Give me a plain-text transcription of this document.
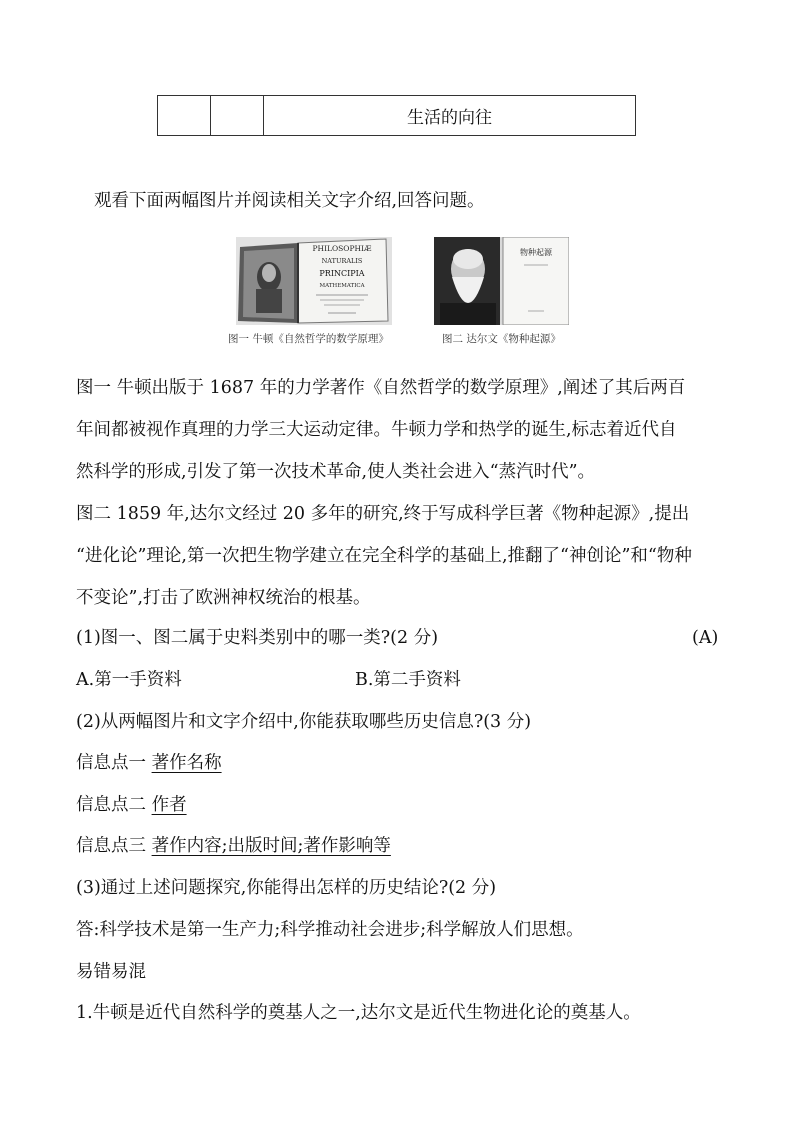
		生活的向往
观看下面两幅图片并阅读相关文字介绍,回答问题。
PHILOSOPHIÆ
NATURALIS
PRINCIPIA
MATHEMATICA
图一 牛顿《自然哲学的数学原理》
物种起源
图二 达尔文《物种起源》
图一 牛顿出版于 1687 年的力学著作《自然哲学的数学原理》,阐述了其后两百
年间都被视作真理的力学三大运动定律。牛顿力学和热学的诞生,标志着近代自
然科学的形成,引发了第一次技术革命,使人类社会进入“蒸汽时代”。
图二 1859 年,达尔文经过 20 多年的研究,终于写成科学巨著《物种起源》,提出
“进化论”理论,第一次把生物学建立在完全科学的基础上,推翻了“神创论”和“物种
不变论”,打击了欧洲神权统治的根基。
(1)图一、图二属于史料类别中的哪一类?(2 分)	(A)
A.第一手资料	B.第二手资料
(2)从两幅图片和文字介绍中,你能获取哪些历史信息?(3 分)
信息点一 著作名称
信息点二 作者
信息点三 著作内容;出版时间;著作影响等
(3)通过上述问题探究,你能得出怎样的历史结论?(2 分)
答:科学技术是第一生产力;科学推动社会进步;科学解放人们思想。
易错易混
1.牛顿是近代自然科学的奠基人之一,达尔文是近代生物进化论的奠基人。
